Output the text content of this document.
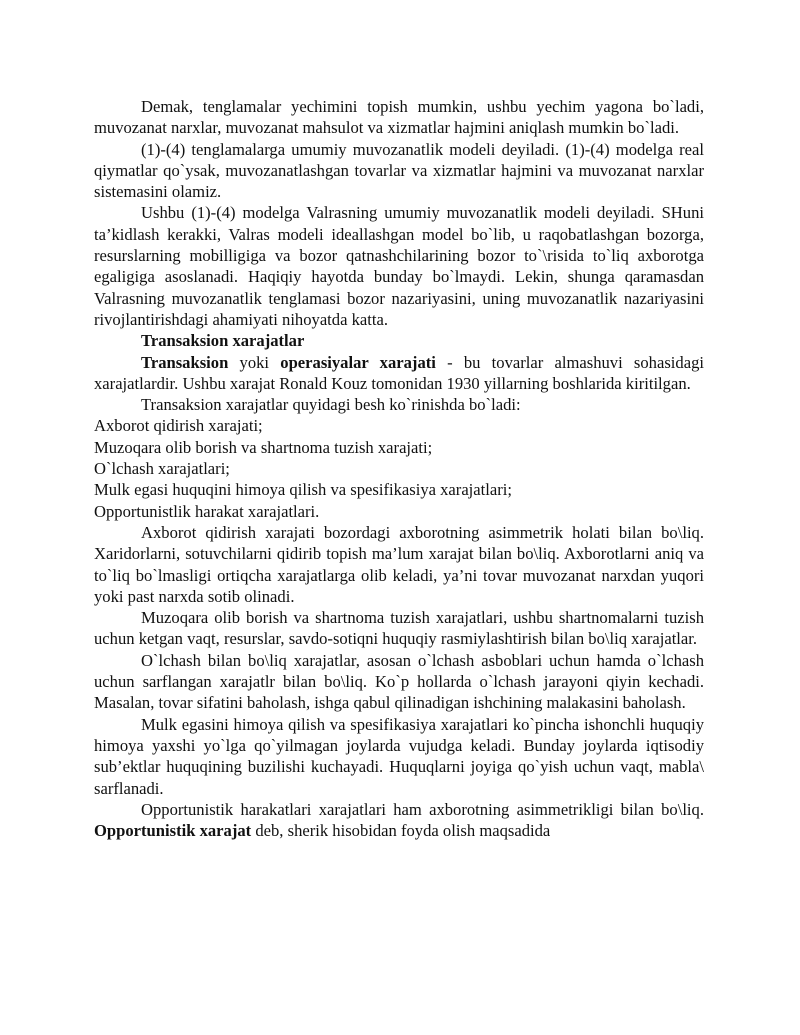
Demak, tenglamalar yechimini topish mumkin, ushbu yechim yagona bo`ladi, muvozanat narxlar, muvozanat mahsulot va xizmatlar hajmini aniqlash mumkin bo`ladi.

(1)-(4) tenglamalarga umumiy muvozanatlik modeli deyiladi. (1)-(4) modelga real qiymatlar qo`ysak, muvozanatlashgan tovarlar va xizmatlar hajmini va muvozanat narxlar sistemasini olamiz.

Ushbu (1)-(4) modelga Valrasning umumiy muvozanatlik modeli deyiladi. SHuni ta’kidlash kerakki, Valras modeli ideallashgan model bo`lib, u raqobatlashgan bozorga, resurslarning mobilligiga va bozor qatnashchilarining bozor to`\risida to`liq axborotga egaligiga asoslanadi. Haqiqiy hayotda bunday bo`lmaydi. Lekin, shunga qaramasdan Valrasning muvozanatlik tenglamasi bozor nazariyasini, uning muvozanatlik nazariyasini rivojlantirishdagi ahamiyati nihoyatda katta.

Transaksion xarajatlar

Transaksion yoki operasiyalar xarajati - bu tovarlar almashuvi sohasidagi xarajatlardir. Ushbu xarajat Ronald Kouz tomonidan 1930 yillarning boshlarida kiritilgan.

Transaksion xarajatlar quyidagi besh ko`rinishda bo`ladi:

Axborot qidirish xarajati;

Muzoqara olib borish va shartnoma tuzish xarajati;

O`lchash xarajatlari;

Mulk egasi huquqini himoya qilish va spesifikasiya xarajatlari;

Opportunistlik harakat xarajatlari.

Axborot qidirish xarajati bozordagi axborotning asimmetrik holati bilan bo\liq. Xaridorlarni, sotuvchilarni qidirib topish ma’lum xarajat bilan bo\liq. Axborotlarni aniq va to`liq bo`lmasligi ortiqcha xarajatlarga olib keladi, ya’ni tovar muvozanat narxdan yuqori yoki past narxda sotib olinadi.

Muzoqara olib borish va shartnoma tuzish xarajatlari, ushbu shartnomalarni tuzish uchun ketgan vaqt, resurslar, savdo-sotiqni huquqiy rasmiylashtirish bilan bo\liq xarajatlar.

O`lchash bilan bo\liq xarajatlar, asosan o`lchash asboblari uchun hamda o`lchash uchun sarflangan xarajatlr bilan bo\liq. Ko`p hollarda o`lchash jarayoni qiyin kechadi. Masalan, tovar sifatini baholash, ishga qabul qilinadigan ishchining malakasini baholash.

Mulk egasini himoya qilish va spesifikasiya xarajatlari ko`pincha ishonchli huquqiy himoya yaxshi yo`lga qo`yilmagan joylarda vujudga keladi. Bunday joylarda iqtisodiy sub’ektlar huquqining buzilishi kuchayadi. Huquqlarni joyiga qo`yish uchun vaqt, mabla\ sarflanadi.

Opportunistik harakatlari xarajatlari ham axborotning asimmetrikligi bilan bo\liq. Opportunistik xarajat deb, sherik hisobidan foyda olish maqsadida
